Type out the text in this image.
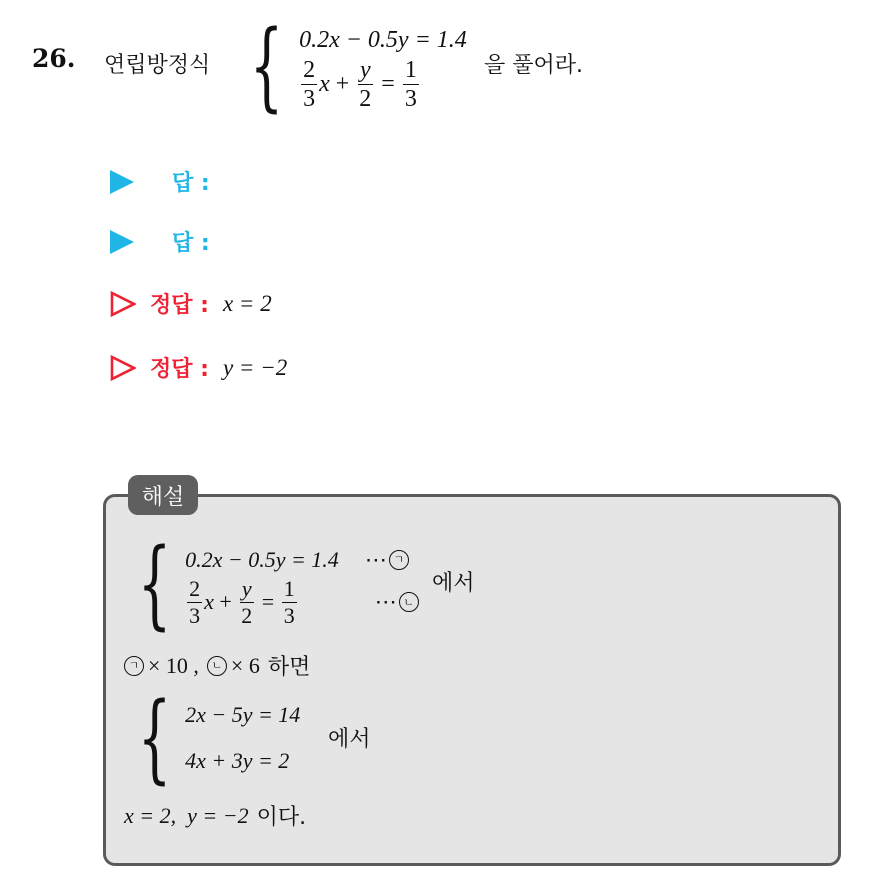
26. 연립방정식 { 0.2x − 0.5y = 1.4
$\frac{2}{3}$ $x + \frac{y}{2} = \frac{1}{3}$	을 풀어라.
답 :
답 :
정답 : x = 2
정답 : y = −2
해설
{ 0.2x − 0.5y = 1.4 ⋯ ㄱ
$\frac{2}{3}$ $x + \frac{y}{2} = \frac{1}{3}$	⋯ ㄴ
에서
ㄱ × 10 ,	ㄴ × 6 하면
{ 2x − 5y = 14
4x + 3y = 2
에서
x = 2,  y = −2 이다.
